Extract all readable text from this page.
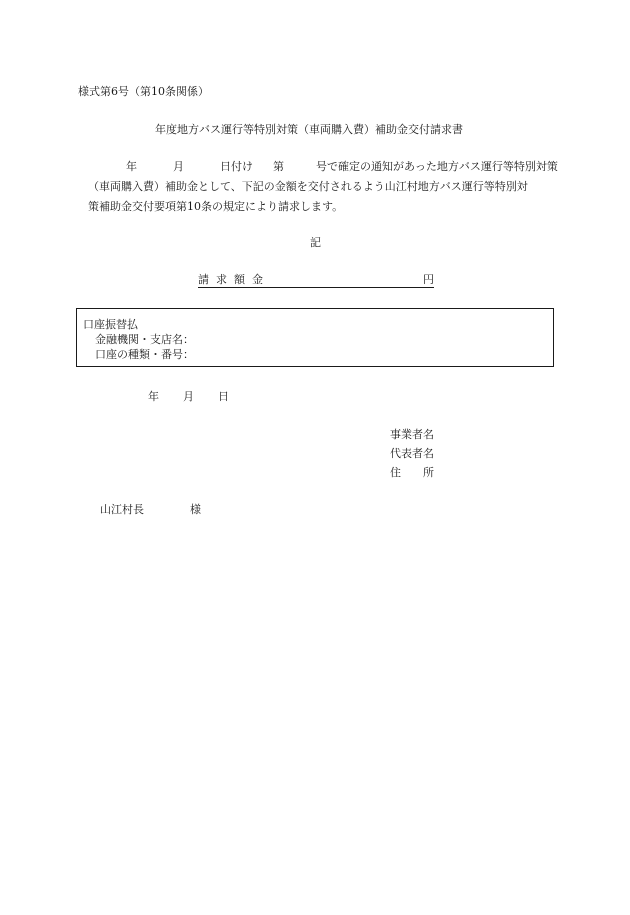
様式第6号（第10条関係）
年度地方バス運行等特別対策（車両購入費）補助金交付請求書
年	月	日付け 第	号で確定の通知があった地方バス運行等特別対策
（車両購入費）補助金として、下記の金額を交付されるよう山江村地方バス運行等特別対
策補助金交付要項第10条の規定により請求します。
記
請求額金	円
口座振替払
金融機関・支店名：
口座の種類・番号：
年 月 日
事業者名
代表者名
住 所
山江村長	様
